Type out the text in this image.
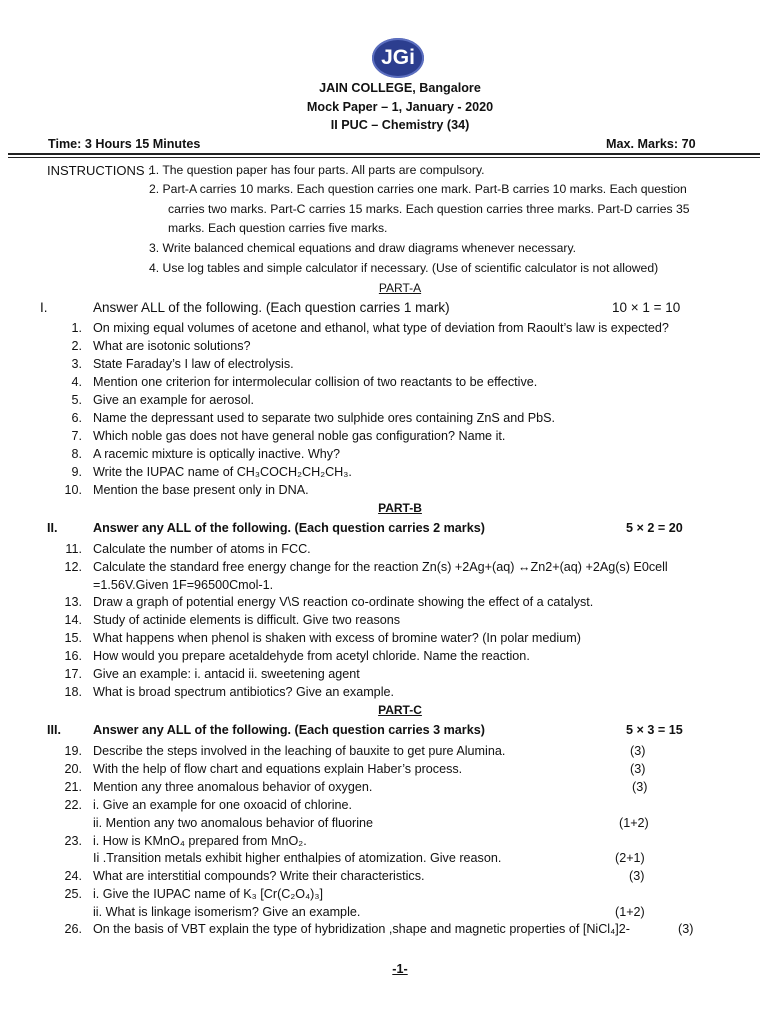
JGi
JAIN COLLEGE, Bangalore
Mock Paper – 1, January - 2020
II PUC – Chemistry (34)
Time: 3 Hours 15 Minutes	Max. Marks: 70
INSTRUCTIONS :
1. The question paper has four parts. All parts are compulsory.
2. Part-A carries 10 marks. Each question carries one mark. Part-B carries 10 marks. Each question
carries two marks. Part-C carries 15 marks. Each question carries three marks. Part-D carries 35
marks. Each question carries five marks.
3. Write balanced chemical equations and draw diagrams whenever necessary.
4. Use log tables and simple calculator if necessary. (Use of scientific calculator is not allowed)
PART-A
I.	Answer ALL of the following. (Each question carries 1 mark)	10 × 1 = 10
1. On mixing equal volumes of acetone and ethanol, what type of deviation from Raoult’s law is expected?
2. What are isotonic solutions?
3. State Faraday’s I law of electrolysis.
4. Mention one criterion for intermolecular collision of two reactants to be effective.
5. Give an example for aerosol.
6. Name the depressant used to separate two sulphide ores containing ZnS and PbS.
7. Which noble gas does not have general noble gas configuration? Name it.
8. A racemic mixture is optically inactive. Why?
9. Write the IUPAC name of CH₃COCH₂CH₂CH₃.
10. Mention the base present only in DNA.
PART-B
II.	Answer any ALL of the following. (Each question carries 2 marks)	5 × 2 = 20
11. Calculate the number of atoms in FCC.
12. Calculate the standard free energy change for the reaction Zn(s) +2Ag+(aq) ↔Zn2+(aq) +2Ag(s) E0cell
=1.56V.Given 1F=96500Cmol-1.
13. Draw a graph of potential energy V\S reaction co-ordinate showing the effect of a catalyst.
14. Study of actinide elements is difficult. Give two reasons
15. What happens when phenol is shaken with excess of bromine water? (In polar medium)
16. How would you prepare acetaldehyde from acetyl chloride. Name the reaction.
17. Give an example: i. antacid ii. sweetening agent
18. What is broad spectrum antibiotics? Give an example.
PART-C
III.	Answer any ALL of the following. (Each question carries 3 marks)	5 × 3 = 15
19. Describe the steps involved in the leaching of bauxite to get pure Alumina.	(3)
20. With the help of flow chart and equations explain Haber’s process.	(3)
21. Mention any three anomalous behavior of oxygen.	(3)
22. i. Give an example for one oxoacid of chlorine.
ii. Mention any two anomalous behavior of fluorine	(1+2)
23. i. How is KMnO₄ prepared from MnO₂.
Ii .Transition metals exhibit higher enthalpies of atomization. Give reason.	(2+1)
24. What are interstitial compounds? Write their characteristics.	(3)
25. i. Give the IUPAC name of K₃ [Cr(C₂O₄)₃]
ii. What is linkage isomerism? Give an example.	(1+2)
26. On the basis of VBT explain the type of hybridization ,shape and magnetic properties of [NiCl₄]2-	(3)
-1-
